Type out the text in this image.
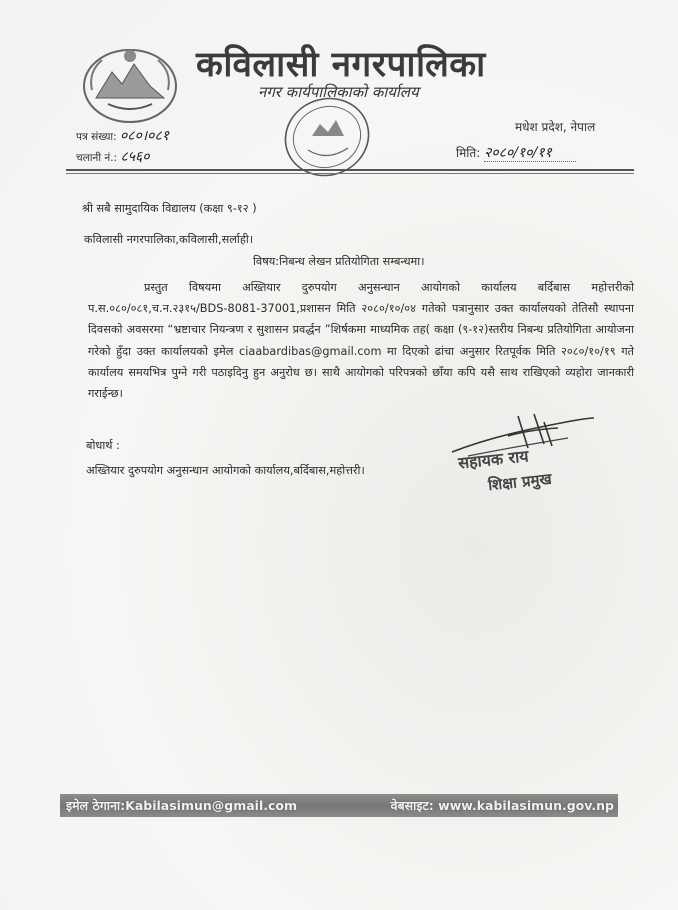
कविलासी नगरपालिका
नगर कार्यपालिकाको कार्यालय
मधेश प्रदेश, नेपाल
पत्र संख्या: ०८०।०८१
चलानी नं.: ८५६०	मिति: २०८०/१०/११
श्री सबै सामुदायिक विद्यालय (कक्षा ९-१२ )
कविलासी नगरपालिका,कविलासी,सर्लाही।
विषय:निबन्ध लेखन प्रतियोगिता सम्बन्धमा।

प्रस्तुत विषयमा अख्तियार दुरुपयोग अनुसन्धान आयोगको कार्यालय बर्दिबास महोत्तरीको प.स.०८०/०८१,च.न.२३१५/BDS-8081-37001,प्रशासन मिति २०८०/१०/०४ गतेको पत्रानुसार उक्त कार्यालयको तेतिसौ स्थापना दिवसको अवसरमा “भ्रष्टाचार नियन्त्रण र सुशासन प्रवर्द्धन ”शिर्षकमा माध्यमिक तह( कक्षा (९-१२)स्तरीय निबन्ध प्रतियोगिता आयोजना गरेको हुँदा उक्त कार्यालयको इमेल ciaabardibas@gmail.com मा दिएको ढांचा अनुसार रितपूर्वक मिति २०८०/१०/१९ गते कार्यालय समयभित्र पुग्ने गरी पठाइदिनु हुन अनुरोध छ। साथै आयोगको परिपत्रको छाँया कपि यसै साथ राखिएको व्यहोरा जानकारी गराईन्छ।

बोधार्थ :
अख्तियार दुरुपयोग अनुसन्धान आयोगको कार्यालय,बर्दिबास,महोत्तरी।	सहायक राय
शिक्षा प्रमुख
इमेल ठेगाना:Kabilasimun@gmail.com	वेबसाइट: www.kabilasimun.gov.np
